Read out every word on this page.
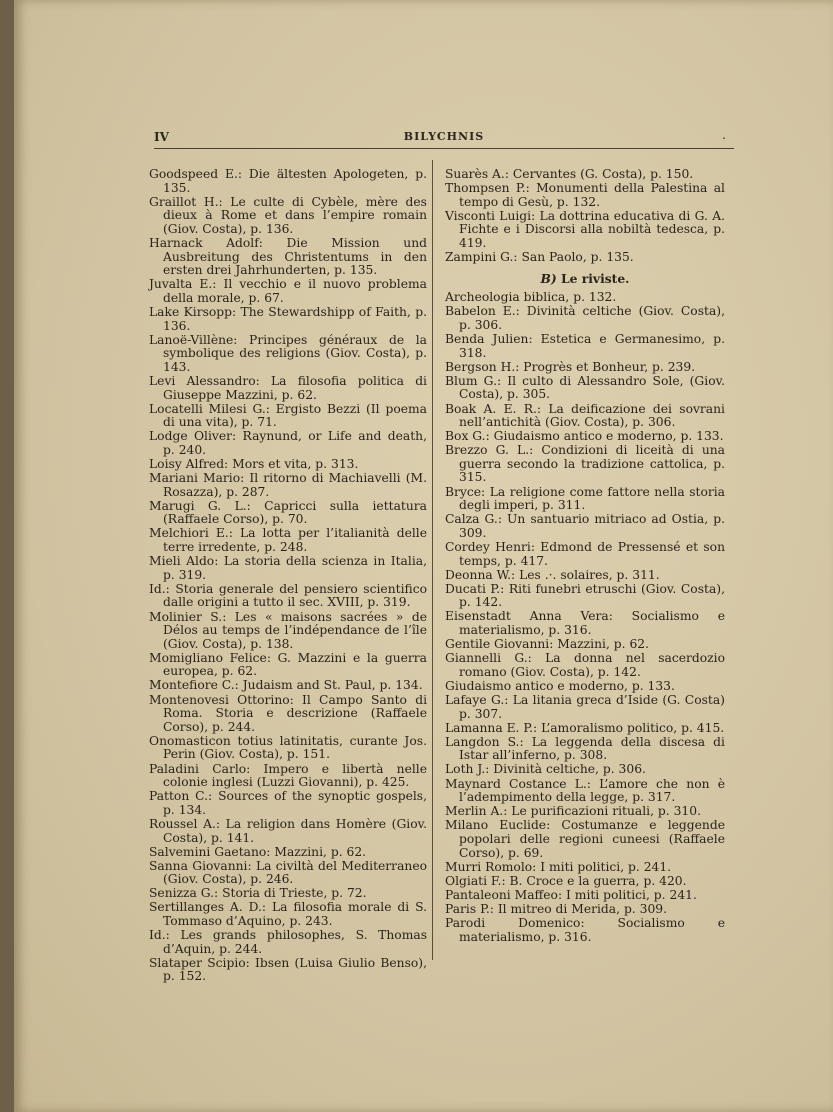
IV	BILYCHNIS	.
Goodspeed E.: Die ältesten Apologeten, p. 135.
Graillot H.: Le culte di Cybèle, mère des dieux à Rome et dans l’empire romain (Giov. Costa), p. 136.
Harnack Adolf: Die Mission und Ausbreitung des Christentums in den ersten drei Jahrhunderten, p. 135.
Juvalta E.: Il vecchio e il nuovo problema della morale, p. 67.
Lake Kirsopp: The Stewardshipp of Faith, p. 136.
Lanoë-Villène: Principes généraux de la symbolique des religions (Giov. Costa), p. 143.
Levi Alessandro: La filosofia politica di Giuseppe Mazzini, p. 62.
Locatelli Milesi G.: Ergisto Bezzi (Il poema di una vita), p. 71.
Lodge Oliver: Raynund, or Life and death, p. 240.
Loisy Alfred: Mors et vita, p. 313.
Mariani Mario: Il ritorno di Machiavelli (M. Rosazza), p. 287.
Marugi G. L.: Capricci sulla iettatura (Raffaele Corso), p. 70.
Melchiori E.: La lotta per l’italianità delle terre irredente, p. 248.
Mieli Aldo: La storia della scienza in Italia, p. 319.
Id.: Storia generale del pensiero scientifico dalle origini a tutto il sec. XVIII, p. 319.
Molinier S.: Les « maisons sacrées » de Délos au temps de l’indépendance de l’île (Giov. Costa), p. 138.
Momigliano Felice: G. Mazzini e la guerra europea, p. 62.
Montefiore C.: Judaism and St. Paul, p. 134.
Montenovesi Ottorino: Il Campo Santo di Roma. Storia e descrizione (Raffaele Corso), p. 244.
Onomasticon totius latinitatis, curante Jos. Perin (Giov. Costa), p. 151.
Paladini Carlo: Impero e libertà nelle colonie inglesi (Luzzi Giovanni), p. 425.
Patton C.: Sources of the synoptic gospels, p. 134.
Roussel A.: La religion dans Homère (Giov. Costa), p. 141.
Salvemini Gaetano: Mazzini, p. 62.
Sanna Giovanni: La civiltà del Mediterraneo (Giov. Costa), p. 246.
Senizza G.: Storia di Trieste, p. 72.
Sertillanges A. D.: La filosofia morale di S. Tommaso d’Aquino, p. 243.
Id.: Les grands philosophes, S. Thomas d’Aquin, p. 244.
Slataper Scipio: Ibsen (Luisa Giulio Benso), p. 152.
Suarès A.: Cervantes (G. Costa), p. 150.
Thompsen P.: Monumenti della Palestina al tempo di Gesù, p. 132.
Visconti Luigi: La dottrina educativa di G. A. Fichte e i Discorsi alla nobiltà tedesca, p. 419.
Zampini G.: San Paolo, p. 135.
B) Le riviste.
Archeologia biblica, p. 132.
Babelon E.: Divinità celtiche (Giov. Costa), p. 306.
Benda Julien: Estetica e Germanesimo, p. 318.
Bergson H.: Progrès et Bonheur, p. 239.
Blum G.: Il culto di Alessandro Sole, (Giov. Costa), p. 305.
Boak A. E. R.: La deificazione dei sovrani nell’antichità (Giov. Costa), p. 306.
Box G.: Giudaismo antico e moderno, p. 133.
Brezzo G. L.: Condizioni di liceità di una guerra secondo la tradizione cattolica, p. 315.
Bryce: La religione come fattore nella storia degli imperi, p. 311.
Calza G.: Un santuario mitriaco ad Ostia, p. 309.
Cordey Henri: Edmond de Pressensé et son temps, p. 417.
Deonna W.: Les .·. solaires, p. 311.
Ducati P.: Riti funebri etruschi (Giov. Costa), p. 142.
Eisenstadt Anna Vera: Socialismo e materialismo, p. 316.
Gentile Giovanni: Mazzini, p. 62.
Giannelli G.: La donna nel sacerdozio romano (Giov. Costa), p. 142.
Giudaismo antico e moderno, p. 133.
Lafaye G.: La litania greca d’Iside (G. Costa) p. 307.
Lamanna E. P.: L’amoralismo politico, p. 415.
Langdon S.: La leggenda della discesa di Istar all’inferno, p. 308.
Loth J.: Divinità celtiche, p. 306.
Maynard Costance L.: L’amore che non è l’adempimento della legge, p. 317.
Merlin A.: Le purificazioni rituali, p. 310.
Milano Euclide: Costumanze e leggende popolari delle regioni cuneesi (Raffaele Corso), p. 69.
Murri Romolo: I miti politici, p. 241.
Olgiati F.: B. Croce e la guerra, p. 420.
Pantaleoni Maffeo: I miti politici, p. 241.
Paris P.: Il mitreo di Merida, p. 309.
Parodi Domenico: Socialismo e materialismo, p. 316.
